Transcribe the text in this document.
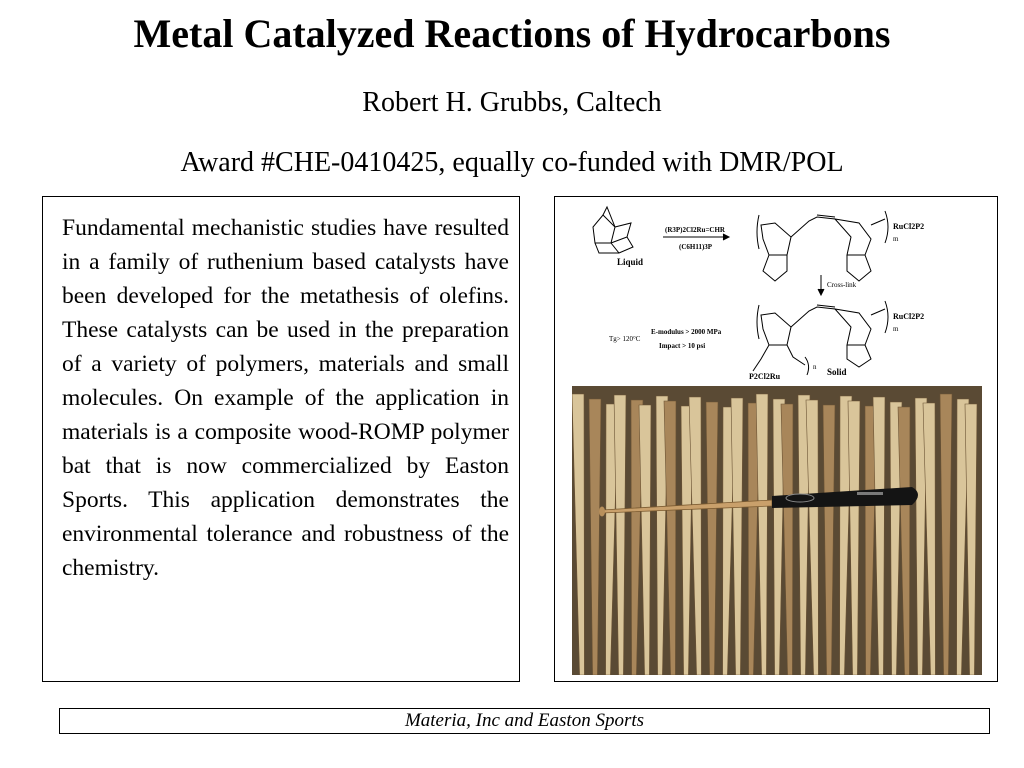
Metal Catalyzed Reactions of Hydrocarbons
Robert H. Grubbs, Caltech
Award #CHE-0410425, equally co-funded with DMR/POL
Fundamental mechanistic studies have resulted in a family of ruthenium based catalysts have been developed for the metathesis of olefins. These catalysts can be used in the preparation of a variety of polymers, materials and small molecules. On example of the application in materials is a composite wood-ROMP polymer bat that is now commercialized by Easton Sports. This application demonstrates the environmental tolerance and robustness of the chemistry.
Liquid
(R3P)2Cl2Ru=CHR
(C6H11)3P
RuCl2P2
m
Cross-link
RuCl2P2
m
Tg> 120°C
E-modulus > 2000 MPa
Impact > 10 psi
n Solid
P2Cl2Ru
Materia, Inc and Easton Sports
